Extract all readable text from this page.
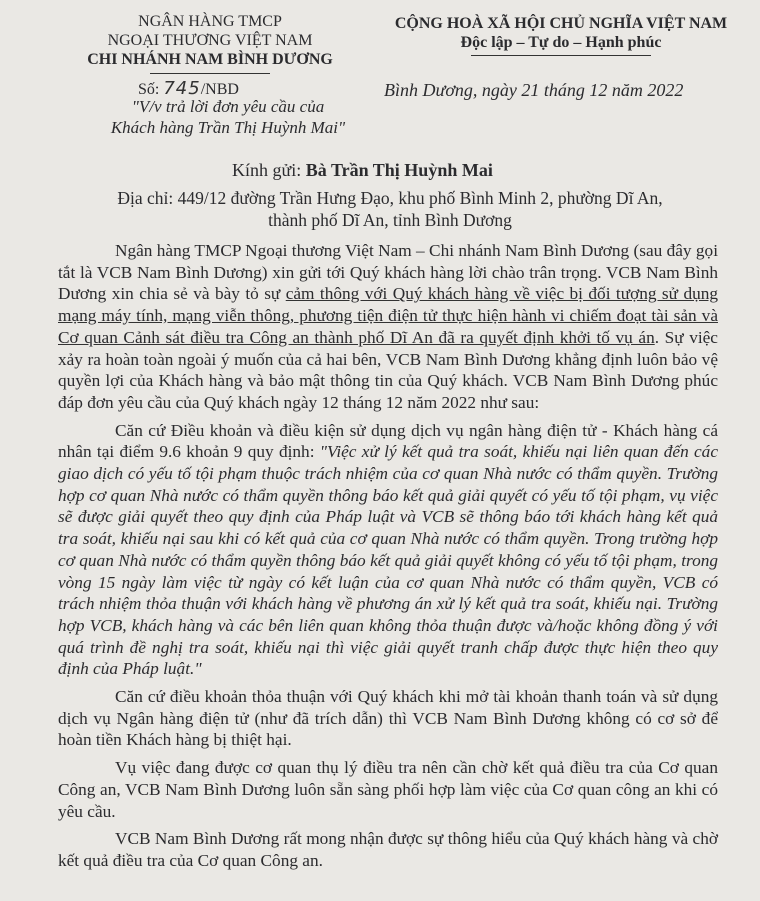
NGÂN HÀNG TMCP
NGOẠI THƯƠNG VIỆT NAM
CHI NHÁNH NAM BÌNH DƯƠNG
CỘNG HOÀ XÃ HỘI CHỦ NGHĨA VIỆT NAM
Độc lập – Tự do – Hạnh phúc
Số: 745/NBD
"V/v trả lời đơn yêu cầu của
Khách hàng Trần Thị Huỳnh Mai"
Bình Dương, ngày 21 tháng 12 năm 2022
Kính gửi: Bà Trần Thị Huỳnh Mai
Địa chỉ: 449/12 đường Trần Hưng Đạo, khu phố Bình Minh 2, phường Dĩ An,
thành phố Dĩ An, tỉnh Bình Dương

Ngân hàng TMCP Ngoại thương Việt Nam – Chi nhánh Nam Bình Dương (sau đây gọi tắt là VCB Nam Bình Dương) xin gửi tới Quý khách hàng lời chào trân trọng. VCB Nam Bình Dương xin chia sẻ và bày tỏ sự cảm thông với Quý khách hàng về việc bị đối tượng sử dụng mạng máy tính, mạng viễn thông, phương tiện điện tử thực hiện hành vi chiếm đoạt tài sản và Cơ quan Cảnh sát điều tra Công an thành phố Dĩ An đã ra quyết định khởi tố vụ án. Sự việc xảy ra hoàn toàn ngoài ý muốn của cả hai bên, VCB Nam Bình Dương khẳng định luôn bảo vệ quyền lợi của Khách hàng và bảo mật thông tin của Quý khách. VCB Nam Bình Dương phúc đáp đơn yêu cầu của Quý khách ngày 12 tháng 12 năm 2022 như sau:

Căn cứ Điều khoản và điều kiện sử dụng dịch vụ ngân hàng điện tử - Khách hàng cá nhân tại điểm 9.6 khoản 9 quy định: "Việc xử lý kết quả tra soát, khiếu nại liên quan đến các giao dịch có yếu tố tội phạm thuộc trách nhiệm của cơ quan Nhà nước có thẩm quyền. Trường hợp cơ quan Nhà nước có thẩm quyền thông báo kết quả giải quyết có yếu tố tội phạm, vụ việc sẽ được giải quyết theo quy định của Pháp luật và VCB sẽ thông báo tới khách hàng kết quả tra soát, khiếu nại sau khi có kết quả của cơ quan Nhà nước có thẩm quyền. Trong trường hợp cơ quan Nhà nước có thẩm quyền thông báo kết quả giải quyết không có yếu tố tội phạm, trong vòng 15 ngày làm việc từ ngày có kết luận của cơ quan Nhà nước có thẩm quyền, VCB có trách nhiệm thỏa thuận với khách hàng về phương án xử lý kết quả tra soát, khiếu nại. Trường hợp VCB, khách hàng và các bên liên quan không thỏa thuận được và/hoặc không đồng ý với quá trình đề nghị tra soát, khiếu nại thì việc giải quyết tranh chấp được thực hiện theo quy định của Pháp luật."

Căn cứ điều khoản thỏa thuận với Quý khách khi mở tài khoản thanh toán và sử dụng dịch vụ Ngân hàng điện tử (như đã trích dẫn) thì VCB Nam Bình Dương không có cơ sở để hoàn tiền Khách hàng bị thiệt hại.

Vụ việc đang được cơ quan thụ lý điều tra nên cần chờ kết quả điều tra của Cơ quan Công an, VCB Nam Bình Dương luôn sẵn sàng phối hợp làm việc của Cơ quan công an khi có yêu cầu.

VCB Nam Bình Dương rất mong nhận được sự thông hiểu của Quý khách hàng và chờ kết quả điều tra của Cơ quan Công an.
